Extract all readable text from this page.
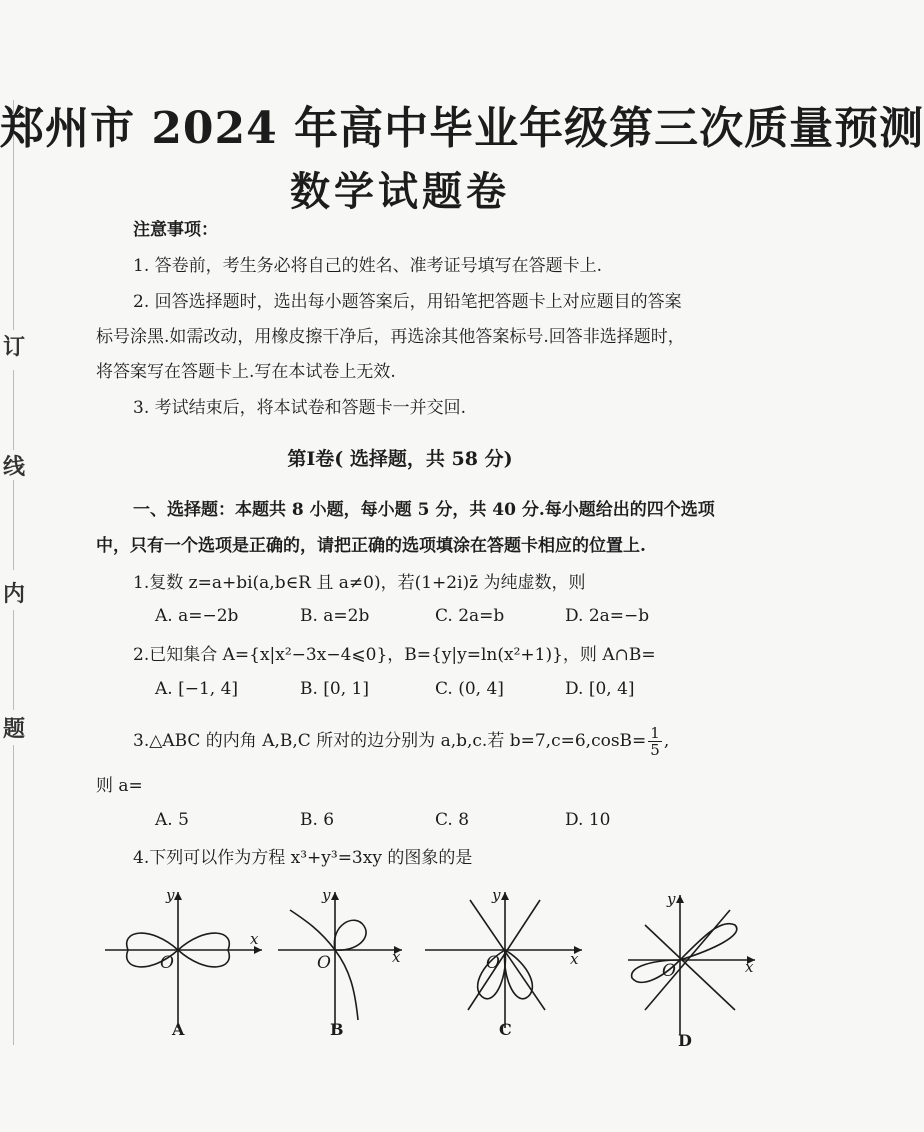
订
线
内
题
郑州市 2024 年高中毕业年级第三次质量预测
数学试题卷
注意事项：
1. 答卷前，考生务必将自己的姓名、准考证号填写在答题卡上.
2. 回答选择题时，选出每小题答案后，用铅笔把答题卡上对应题目的答案
标号涂黑.如需改动，用橡皮擦干净后，再选涂其他答案标号.回答非选择题时，
将答案写在答题卡上.写在本试卷上无效.
3. 考试结束后，将本试卷和答题卡一并交回.
第Ⅰ卷( 选择题，共 58 分)
一、选择题：本题共 8 小题，每小题 5 分，共 40 分.每小题给出的四个选项
中，只有一个选项是正确的，请把正确的选项填涂在答题卡相应的位置上.
1.复数 z=a+bi(a,b∈R 且 a≠0)，若(1+2i)z̄ 为纯虚数，则
A. a=−2b	B. a=2b	C. 2a=b	D. 2a=−b
2.已知集合 A={x|x²−3x−4⩽0}，B={y|y=ln(x²+1)}，则 A∩B=
A. [−1, 4]	B. [0, 1]	C. (0, 4]	D. [0, 4]
3.△ABC 的内角 A,B,C 所对的边分别为 a,b,c.若 $b=7,c=6,\cos B= \frac{1}{5}$ ,
则 a=
A. 5	B. 6	C. 8	D. 10
4.下列可以作为方程 x³+y³=3xy 的图象的是
y
x
O
y
x
O
y
x
O
y
x
O
A	B	C
D
